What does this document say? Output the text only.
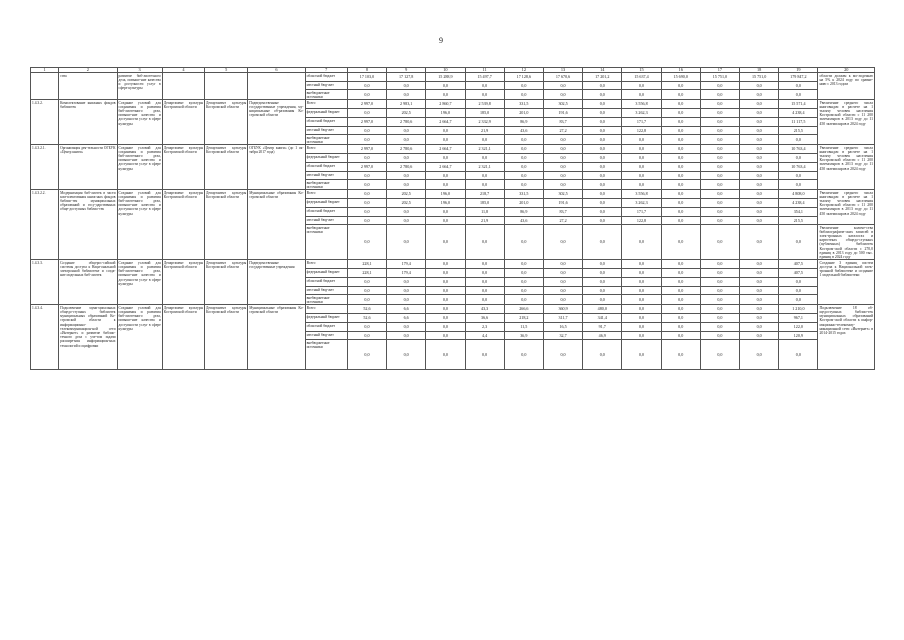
9
1	2	3	4	5	6	7	8	9	10	11	12	13	14	15	16	17	18	19	20
	ства	развитие биб-лиотечного дела, повыше-ние качества и доступности услуг в сфере культуры				областной бюджет	17 103,0	17 127,8	15 288,9	15 497,7	17 128,6	17 670,6	17 201,2	15 637,4	15 690,0	15 751,0	15 751,0	179 847,2	области должен к мо-лодежью на 5% к 2024 году по сравне-нию с 2013 годом
						местный бюд-жет	0,0	0,0	0,0	0,0	0,0	0,0	0,0	0,0	0,0	0,0	0,0	0,0	
						внебюджетные источники	0,0	0,0	0,0	0,0	0,0	0,0	0,0	0,0	0,0	0,0	0,0	0,0	
1.4.3.2.	Комплектование книжных фондов библиотек	Создание условий для сохранения и развития биб-лиотечного дела, повыше-ние качества и доступности услуг в сфере культуры	Департамент культуры Костромской области	Департамент культуры Костромской области	Подведомственные государственные учреждения, му-ниципальные об-разования Ко-стромской области	Всего	2 997,0	2 983,1	2 860,7	2 539,8	331,5	302,5	0,0	3 556,8	0,0	0,0	0,0	15 571,4	Увеличение среднего числа книговыдач в расчете на 1 тысячу человек населения Костромской области с 11 200 экземпляров в 2013 году до 11 450 экземпляров в 2024 году
						федеральный бюджет	0,0	202,5	196,0	185,0	201,0	191,6	0,0	3 262,3	0,0	0,0	0,0	4 238,4	
						областной бюджет	2 997,0	2 780,6	2 664,7	2 332,9	86,9	83,7	0,0	171,7	0,0	0,0	0,0	11 117,5	
						местный бюд-жет	0,0	0,0	0,0	21,9	43,6	27,2	0,0	122,8	0,0	0,0	0,0	215,5	
						внебюджетные источники	0,0	0,0	0,0	0,0	0,0	0,0	0,0	0,0	0,0	0,0	0,0	0,0	
1.4.3.2.1.	Организация дея-тельности ОГБУК «Центр книги»	Создание условий для сохранения и развития биб-лиотечного дела, повыше-ние качества и доступности услуг в сфере культуры	Департамент культуры Костромской области	Департамент культуры Костромской области	ОГБУК «Центр книги» (до 1 ок-тября 2017 года)	Всего	2 997,0	2 780,6	2 664,7	2 321,1	0,0	0,0	0,0	0,0	0,0	0,0	0,0	10 763,4	Увеличение среднего числа книговыдач в расчете на 1 тысячу человек населения Костромской области с 11 200 экземпляров в 2013 году до 11 450 экземпляров в 2024 году
						федеральный бюджет	0,0	0,0	0,0	0,0	0,0	0,0	0,0	0,0	0,0	0,0	0,0	0,0	
						областной бюджет	2 997,0	2 780,6	2 664,7	2 321,1	0,0	0,0	0,0	0,0	0,0	0,0	0,0	10 763,4	
						местный бюд-жет	0,0	0,0	0,0	0,0	0,0	0,0	0,0	0,0	0,0	0,0	0,0	0,0	
						внебюджетные источники	0,0	0,0	0,0	0,0	0,0	0,0	0,0	0,0	0,0	0,0	0,0	0,0	
1.4.3.2.2.	Модернизация биб-лиотек в части ком-плектования книж-ных фондов библио-тек муниципальных образований и госу-дарственных обще-доступных библио-тек	Создание условий для сохранения и развития биб-лиотечного дела, повыше-ние качества и доступности услуг в сфере культуры	Департамент культуры Костромской области	Департамент культуры Костромской области	Муниципальные образования Ко-стромской области	Всего	0,0	202,5	196,0	218,7	331,5	302,5	0,0	3 556,8	0,0	0,0	0,0	4 808,0	Увеличение среднего числа книговыдач в расчете на 1 тысячу человек населения Костромской области с 11 200 экземпляров в 2013 году до 11 450 экземпляров в 2024 году
						федеральный бюджет	0,0	202,5	196,0	185,0	201,0	191,6	0,0	3 262,3	0,0	0,0	0,0	4 238,4	
						областной бюджет	0,0	0,0	0,0	11,8	86,9	83,7	0,0	171,7	0,0	0,0	0,0	354,1	
						местный бюд-жет	0,0	0,0	0,0	21,9	43,6	27,2	0,0	122,8	0,0	0,0	0,0	215,5	
						внебюджетные источники	0,0	0,0	0,0	0,0	0,0	0,0	0,0	0,0	0,0	0,0	0,0	0,0	Увеличение количе-ства библиографиче-ских записей в элек-тронных каталогах и картотеках общедо-ступных (публичных) библиотек Костром-ской области с 270,0 единиц в 2013 году до 500 тыс. единиц в 2024 году
1.4.3.3.	Создание общерос-сийской системы доступа к Наци-ональной электронной библиотеке и созда-ние модельных биб-лиотек	Создание условий для сохранения и развития биб-лиотечного дела, повыше-ние качества и доступности услуг в сфере культуры	Департамент культуры Костромской области	Департамент культуры Костромской области	Подведомственные государственные учреждения	Всего	228,1	179,4	0,0	0,0	0,0	0,0	0,0	0,0	0,0	0,0	0,0	407,5	Создание 3 единиц систем доступа к Национальной элек-тронной библиотеке и создание 1 модельной библиотеки
						федеральный бюджет	228,1	179,4	0,0	0,0	0,0	0,0	0,0	0,0	0,0	0,0	0,0	407,5	
						областной бюджет	0,0	0,0	0,0	0,0	0,0	0,0	0,0	0,0	0,0	0,0	0,0	0,0	
						местный бюд-жет	0,0	0,0	0,0	0,0	0,0	0,0	0,0	0,0	0,0	0,0	0,0	0,0	
						внебюджетные источники	0,0	0,0	0,0	0,0	0,0	0,0	0,0	0,0	0,0	0,0	0,0	0,0	
1.4.3.4.	Подключение муни-ципальных общедо-ступных библиотек муниципальных образований Ко-стромской области к информационно-телекоммуникацион-ной сети «Интернет» и развитие библио-течного дела с уче-том задачи расшире-ния информацион-ных технологий и оцифровки	Создание условий для сохранения и развития биб-лиотечного дела, повыше-ние качества и доступности услуг в сфере культуры	Департамент культуры Костромской области	Департамент культуры Костромской области	Муниципальные образования Ко-стромской области	Всего	52,6	6,6	0,0	43,3	266,6	360,9	480,0	0,0	0,0	0,0	0,0	1 210,0	Подключение 18 об-щедоступных библио-тек муниципальных образований Костром-ской области к инфор-мационно-телекомму-никационной сети «Интернет» в 2014-2015 годах
						федеральный бюджет	52,6	6,6	0,0	36,6	218,2	311,7	341,4	0,0	0,0	0,0	0,0	967,1	
						областной бюджет	0,0	0,0	0,0	2,3	11,5	16,5	91,7	0,0	0,0	0,0	0,0	122,0	
						местный бюд-жет	0,0	0,0	0,0	4,4	36,9	32,7	46,9	0,0	0,0	0,0	0,0	120,9	
						внебюджетные источники	0,0	0,0	0,0	0,0	0,0	0,0	0,0	0,0	0,0	0,0	0,0	0,0	
